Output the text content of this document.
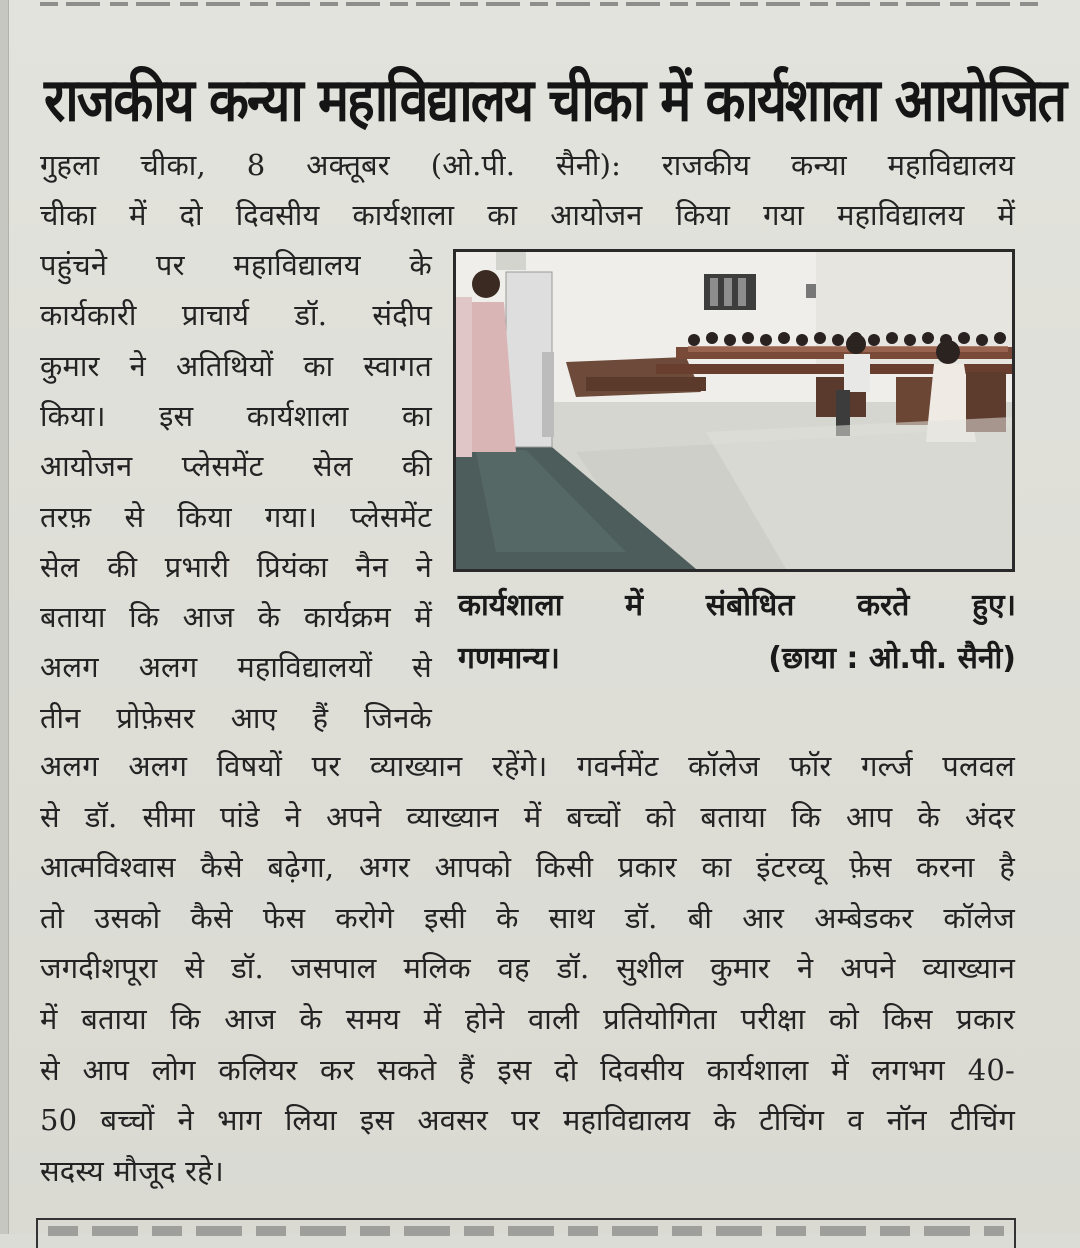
राजकीय कन्या महाविद्यालय चीका में कार्यशाला आयोजित
गुहला चीका, 8 अक्तूबर (ओ.पी. सैनी): राजकीय कन्या महाविद्यालय
चीका में दो दिवसीय कार्यशाला का आयोजन किया गया महाविद्यालय में
पहुंचने पर महाविद्यालय के
कार्यकारी प्राचार्य डॉ. संदीप
कुमार ने अतिथियों का स्वागत
किया। इस कार्यशाला का
आयोजन प्लेसमेंट सेल की
तरफ़ से किया गया। प्लेसमेंट
सेल की प्रभारी प्रियंका नैन ने
बताया कि आज के कार्यक्रम में
अलग अलग महाविद्यालयों से
तीन प्रोफ़ेसर आए हैं जिनके
अलग अलग विषयों पर व्याख्यान रहेंगे। गवर्नमेंट कॉलेज फॉर गर्ल्ज पलवल
से डॉ. सीमा पांडे ने अपने व्याख्यान में बच्चों को बताया कि आप के अंदर
आत्मविश्वास कैसे बढ़ेगा, अगर आपको किसी प्रकार का इंटरव्यू फ़ेस करना है
तो उसको कैसे फेस करोगे इसी के साथ डॉ. बी आर अम्बेडकर कॉलेज
जगदीशपूरा से डॉ. जसपाल मलिक वह डॉ. सुशील कुमार ने अपने व्याख्यान
में बताया कि आज के समय में होने वाली प्रतियोगिता परीक्षा को किस प्रकार
से आप लोग कलियर कर सकते हैं इस दो दिवसीय कार्यशाला में लगभग 40-
50 बच्चों ने भाग लिया इस अवसर पर महाविद्यालय के टीचिंग व नॉन टीचिंग
सदस्य मौजूद रहे।
कार्यशाला में संबोधित करते हुए।
गणमान्य।	(छाया : ओ.पी. सैनी)
